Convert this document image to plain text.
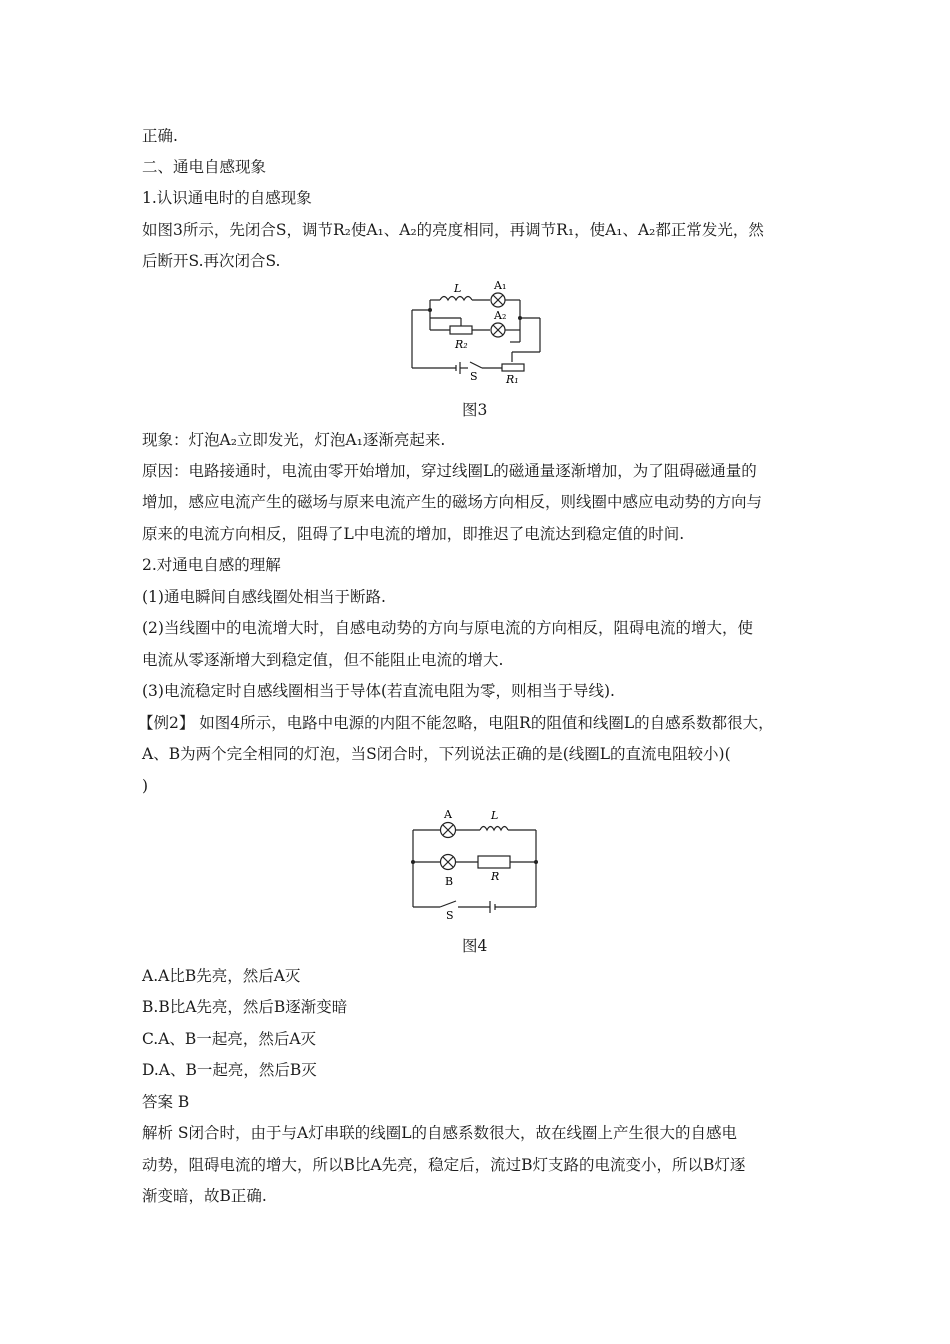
正确.
二、通电自感现象
1.认识通电时的自感现象
如图3所示，先闭合S，调节R₂使A₁、A₂的亮度相同，再调节R₁，使A₁、A₂都正常发光，然
后断开S.再次闭合S.
L	A₁
A₂
R₂
S	R₁
图3
现象：灯泡A₂立即发光，灯泡A₁逐渐亮起来.
原因：电路接通时，电流由零开始增加，穿过线圈L的磁通量逐渐增加，为了阻碍磁通量的
增加，感应电流产生的磁场与原来电流产生的磁场方向相反，则线圈中感应电动势的方向与
原来的电流方向相反，阻碍了L中电流的增加，即推迟了电流达到稳定值的时间.
2.对通电自感的理解
(1)通电瞬间自感线圈处相当于断路.
(2)当线圈中的电流增大时，自感电动势的方向与原电流的方向相反，阻碍电流的增大，使
电流从零逐渐增大到稳定值，但不能阻止电流的增大.
(3)电流稳定时自感线圈相当于导体(若直流电阻为零，则相当于导线).
【例2】 如图4所示，电路中电源的内阻不能忽略，电阻R的阻值和线圈L的自感系数都很大，
A、B为两个完全相同的灯泡，当S闭合时，下列说法正确的是(线圈L的直流电阻较小)(
)
A	L
B	R
S
图4
A.A比B先亮，然后A灭
B.B比A先亮，然后B逐渐变暗
C.A、B一起亮，然后A灭
D.A、B一起亮，然后B灭
答案 B
解析 S闭合时，由于与A灯串联的线圈L的自感系数很大，故在线圈上产生很大的自感电
动势，阻碍电流的增大，所以B比A先亮，稳定后，流过B灯支路的电流变小，所以B灯逐
渐变暗，故B正确.
